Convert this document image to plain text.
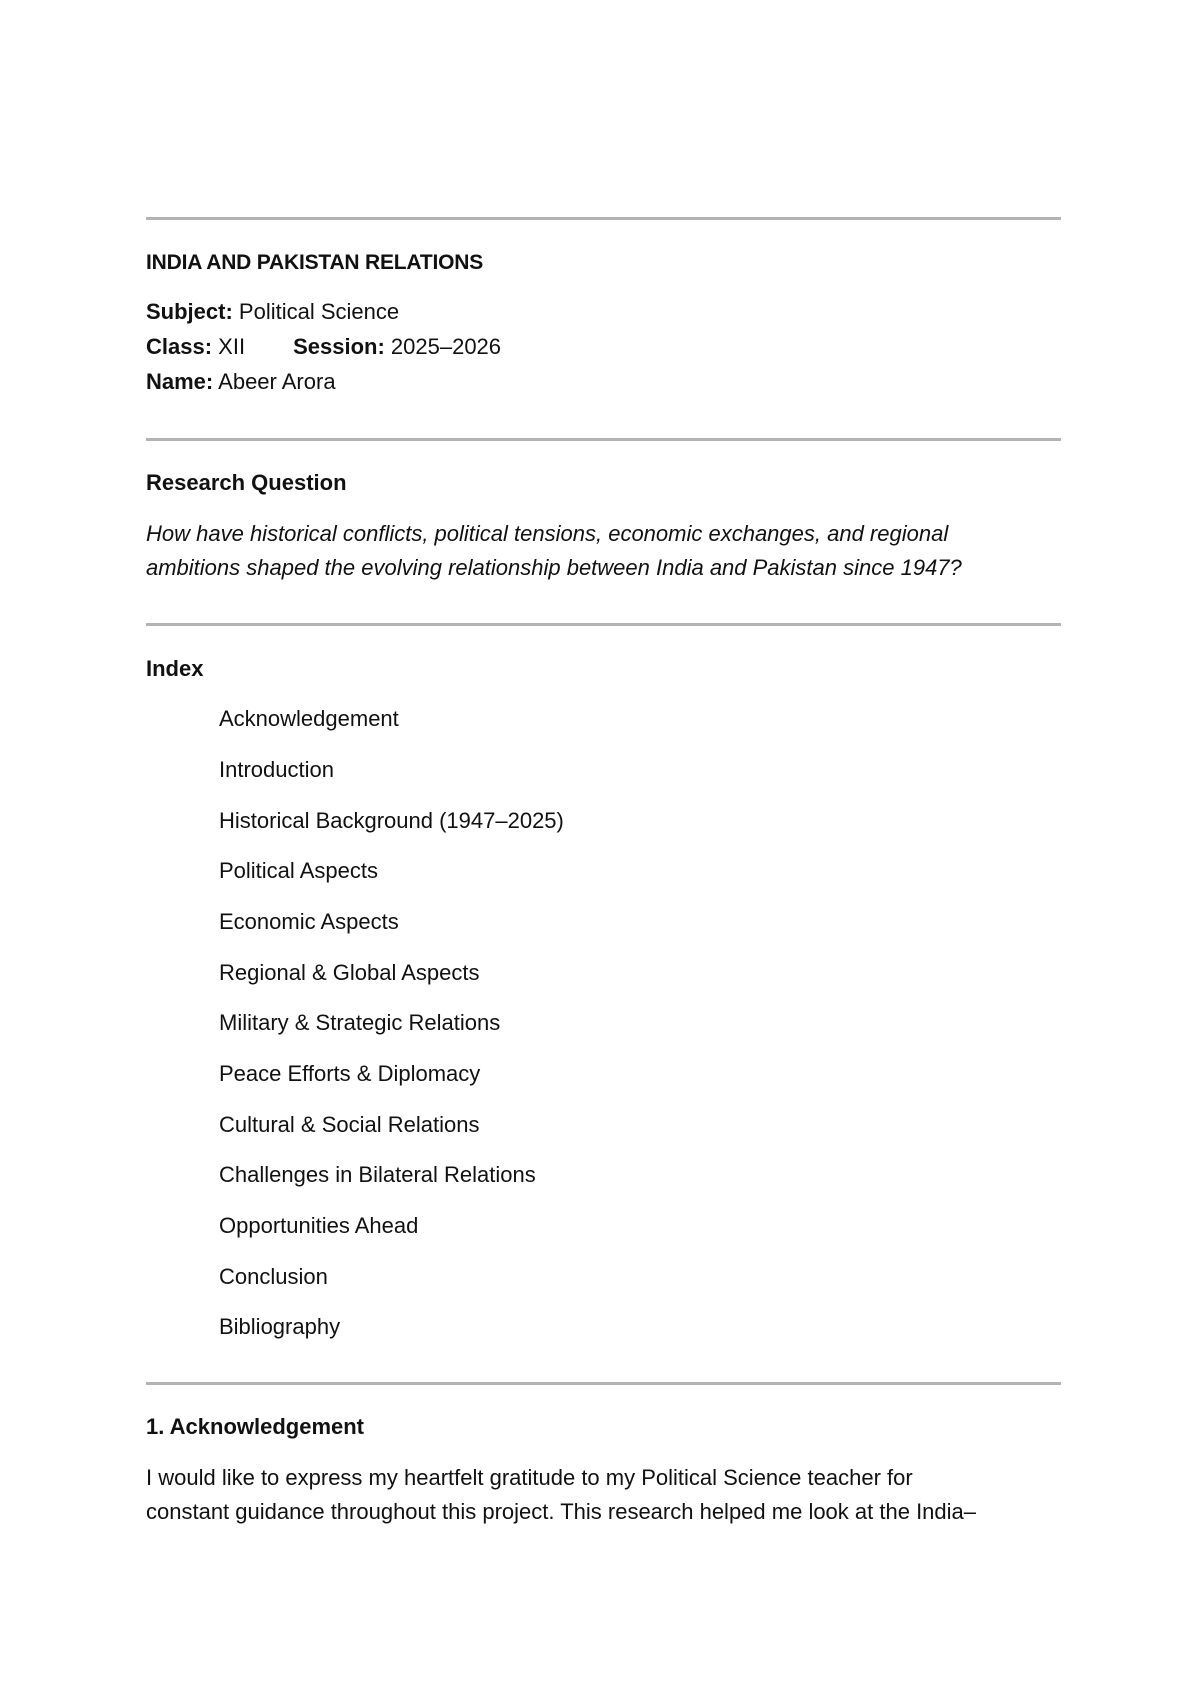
INDIA AND PAKISTAN RELATIONS
Subject: Political Science
Class: XII Session: 2025–2026
Name: Abeer Arora
Research Question
How have historical conflicts, political tensions, economic exchanges, and regional
ambitions shaped the evolving relationship between India and Pakistan since 1947?
Index
Acknowledgement
Introduction
Historical Background (1947–2025)
Political Aspects
Economic Aspects
Regional & Global Aspects
Military & Strategic Relations
Peace Efforts & Diplomacy
Cultural & Social Relations
Challenges in Bilateral Relations
Opportunities Ahead
Conclusion
Bibliography
1. Acknowledgement
I would like to express my heartfelt gratitude to my Political Science teacher for
constant guidance throughout this project. This research helped me look at the India–
